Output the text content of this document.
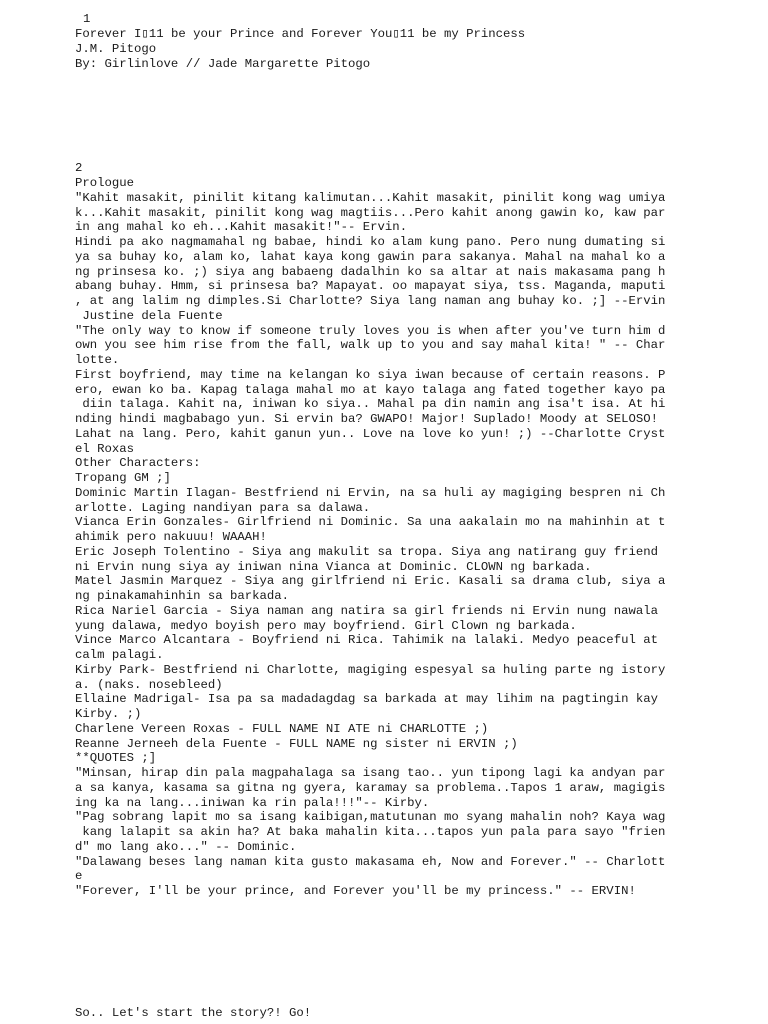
1
Forever I▯11 be your Prince and Forever You▯11 be my Princess
J.M. Pitogo
By: Girlinlove // Jade Margarette Pitogo
2
Prologue
"Kahit masakit, pinilit kitang kalimutan...Kahit masakit, pinilit kong wag umiya
k...Kahit masakit, pinilit kong wag magtiis...Pero kahit anong gawin ko, kaw par
in ang mahal ko eh...Kahit masakit!"-- Ervin.
Hindi pa ako nagmamahal ng babae, hindi ko alam kung pano. Pero nung dumating si
ya sa buhay ko, alam ko, lahat kaya kong gawin para sakanya. Mahal na mahal ko a
ng prinsesa ko. ;) siya ang babaeng dadalhin ko sa altar at nais makasama pang h
abang buhay. Hmm, si prinsesa ba? Mapayat. oo mapayat siya, tss. Maganda, maputi
, at ang lalim ng dimples.Si Charlotte? Siya lang naman ang buhay ko. ;] --Ervin
Justine dela Fuente
"The only way to know if someone truly loves you is when after you've turn him d
own you see him rise from the fall, walk up to you and say mahal kita! " -- Char
lotte.
First boyfriend, may time na kelangan ko siya iwan because of certain reasons. P
ero, ewan ko ba. Kapag talaga mahal mo at kayo talaga ang fated together kayo pa
diin talaga. Kahit na, iniwan ko siya.. Mahal pa din namin ang isa't isa. At hi
nding hindi magbabago yun. Si ervin ba? GWAPO! Major! Suplado! Moody at SELOSO!
Lahat na lang. Pero, kahit ganun yun.. Love na love ko yun! ;) --Charlotte Cryst
el Roxas
Other Characters:
Tropang GM ;]
Dominic Martin Ilagan- Bestfriend ni Ervin, na sa huli ay magiging bespren ni Ch
arlotte. Laging nandiyan para sa dalawa.
Vianca Erin Gonzales- Girlfriend ni Dominic. Sa una aakalain mo na mahinhin at t
ahimik pero nakuuu! WAAAH!
Eric Joseph Tolentino - Siya ang makulit sa tropa. Siya ang natirang guy friend
ni Ervin nung siya ay iniwan nina Vianca at Dominic. CLOWN ng barkada.
Matel Jasmin Marquez - Siya ang girlfriend ni Eric. Kasali sa drama club, siya a
ng pinakamahinhin sa barkada.
Rica Nariel Garcia - Siya naman ang natira sa girl friends ni Ervin nung nawala
yung dalawa, medyo boyish pero may boyfriend. Girl Clown ng barkada.
Vince Marco Alcantara - Boyfriend ni Rica. Tahimik na lalaki. Medyo peaceful at
calm palagi.
Kirby Park- Bestfriend ni Charlotte, magiging espesyal sa huling parte ng istory
a. (naks. nosebleed)
Ellaine Madrigal- Isa pa sa madadagdag sa barkada at may lihim na pagtingin kay
Kirby. ;)
Charlene Vereen Roxas - FULL NAME NI ATE ni CHARLOTTE ;)
Reanne Jerneeh dela Fuente - FULL NAME ng sister ni ERVIN ;)
**QUOTES ;]
"Minsan, hirap din pala magpahalaga sa isang tao.. yun tipong lagi ka andyan par
a sa kanya, kasama sa gitna ng gyera, karamay sa problema..Tapos 1 araw, magigis
ing ka na lang...iniwan ka rin pala!!!"-- Kirby.
"Pag sobrang lapit mo sa isang kaibigan,matutunan mo syang mahalin noh? Kaya wag
kang lalapit sa akin ha? At baka mahalin kita...tapos yun pala para sayo "frien
d" mo lang ako..." -- Dominic.
"Dalawang beses lang naman kita gusto makasama eh, Now and Forever." -- Charlott
e
"Forever, I'll be your prince, and Forever you'll be my princess." -- ERVIN!
So.. Let's start the story?! Go!
